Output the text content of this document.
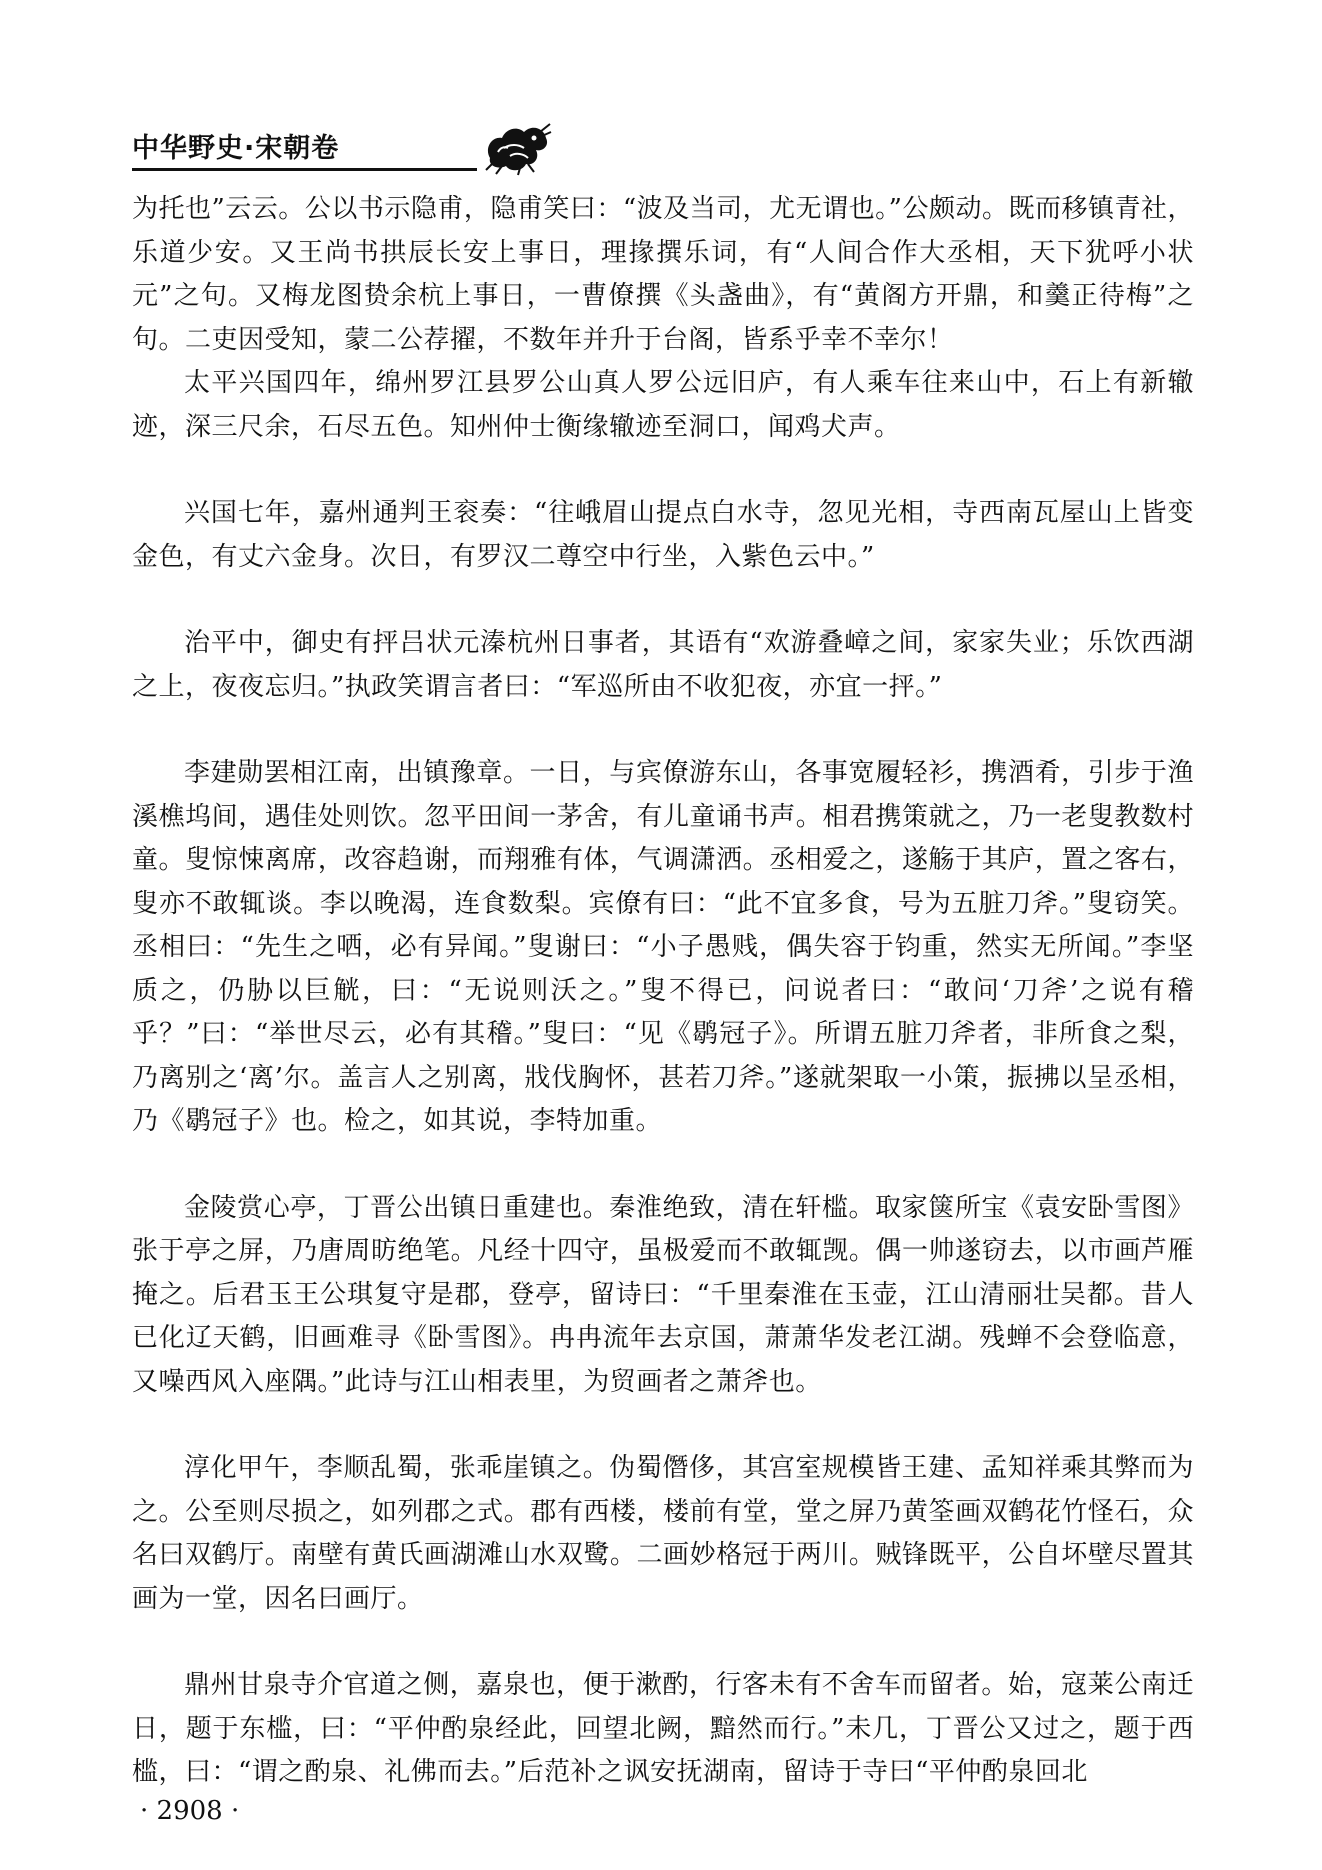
中华野史·宋朝卷

为托也”云云。公以书示隐甫，隐甫笑曰：“波及当司，尤无谓也。”公颇动。既而移镇青社，乐道少安。又王尚书拱辰长安上事日，理掾撰乐词，有“人间合作大丞相，天下犹呼小状元”之句。又梅龙图贽余杭上事日，一曹僚撰《头盏曲》，有“黄阁方开鼎，和羹正待梅”之句。二吏因受知，蒙二公荐擢，不数年并升于台阁，皆系乎幸不幸尔！

太平兴国四年，绵州罗江县罗公山真人罗公远旧庐，有人乘车往来山中，石上有新辙迹，深三尺余，石尽五色。知州仲士衡缘辙迹至洞口，闻鸡犬声。

兴国七年，嘉州通判王衮奏：“往峨眉山提点白水寺，忽见光相，寺西南瓦屋山上皆变金色，有丈六金身。次日，有罗汉二尊空中行坐，入紫色云中。”

治平中，御史有抨吕状元溱杭州日事者，其语有“欢游叠嶂之间，家家失业；乐饮西湖之上，夜夜忘归。”执政笑谓言者曰：“军巡所由不收犯夜，亦宜一抨。”

李建勋罢相江南，出镇豫章。一日，与宾僚游东山，各事宽履轻衫，携酒肴，引步于渔溪樵坞间，遇佳处则饮。忽平田间一茅舍，有儿童诵书声。相君携策就之，乃一老叟教数村童。叟惊悚离席，改容趋谢，而翔雅有体，气调潇洒。丞相爱之，遂觞于其庐，置之客右，叟亦不敢辄谈。李以晚渴，连食数梨。宾僚有曰：“此不宜多食，号为五脏刀斧。”叟窃笑。丞相曰：“先生之哂，必有异闻。”叟谢曰：“小子愚贱，偶失容于钧重，然实无所闻。”李坚质之，仍胁以巨觥，曰：“无说则沃之。”叟不得已，问说者曰：“敢问‘刀斧’之说有稽乎？”曰：“举世尽云，必有其稽。”叟曰：“见《鹖冠子》。所谓五脏刀斧者，非所食之梨，乃离别之‘离’尔。盖言人之别离，戕伐胸怀，甚若刀斧。”遂就架取一小策，振拂以呈丞相，乃《鹖冠子》也。检之，如其说，李特加重。

金陵赏心亭，丁晋公出镇日重建也。秦淮绝致，清在轩槛。取家箧所宝《袁安卧雪图》张于亭之屏，乃唐周昉绝笔。凡经十四守，虽极爱而不敢辄觊。偶一帅遂窃去，以市画芦雁掩之。后君玉王公琪复守是郡，登亭，留诗曰：“千里秦淮在玉壶，江山清丽壮吴都。昔人已化辽天鹤，旧画难寻《卧雪图》。冉冉流年去京国，萧萧华发老江湖。残蝉不会登临意，又噪西风入座隅。”此诗与江山相表里，为贸画者之萧斧也。

淳化甲午，李顺乱蜀，张乖崖镇之。伪蜀僭侈，其宫室规模皆王建、孟知祥乘其弊而为之。公至则尽损之，如列郡之式。郡有西楼，楼前有堂，堂之屏乃黄筌画双鹤花竹怪石，众名曰双鹤厅。南壁有黄氏画湖滩山水双鹭。二画妙格冠于两川。贼锋既平，公自坏壁尽置其画为一堂，因名曰画厅。

鼎州甘泉寺介官道之侧，嘉泉也，便于漱酌，行客未有不舍车而留者。始，寇莱公南迁日，题于东槛，曰：“平仲酌泉经此，回望北阙，黯然而行。”未几，丁晋公又过之，题于西槛，曰：“谓之酌泉、礼佛而去。”后范补之讽安抚湖南，留诗于寺曰“平仲酌泉回北

· 2908 ·
